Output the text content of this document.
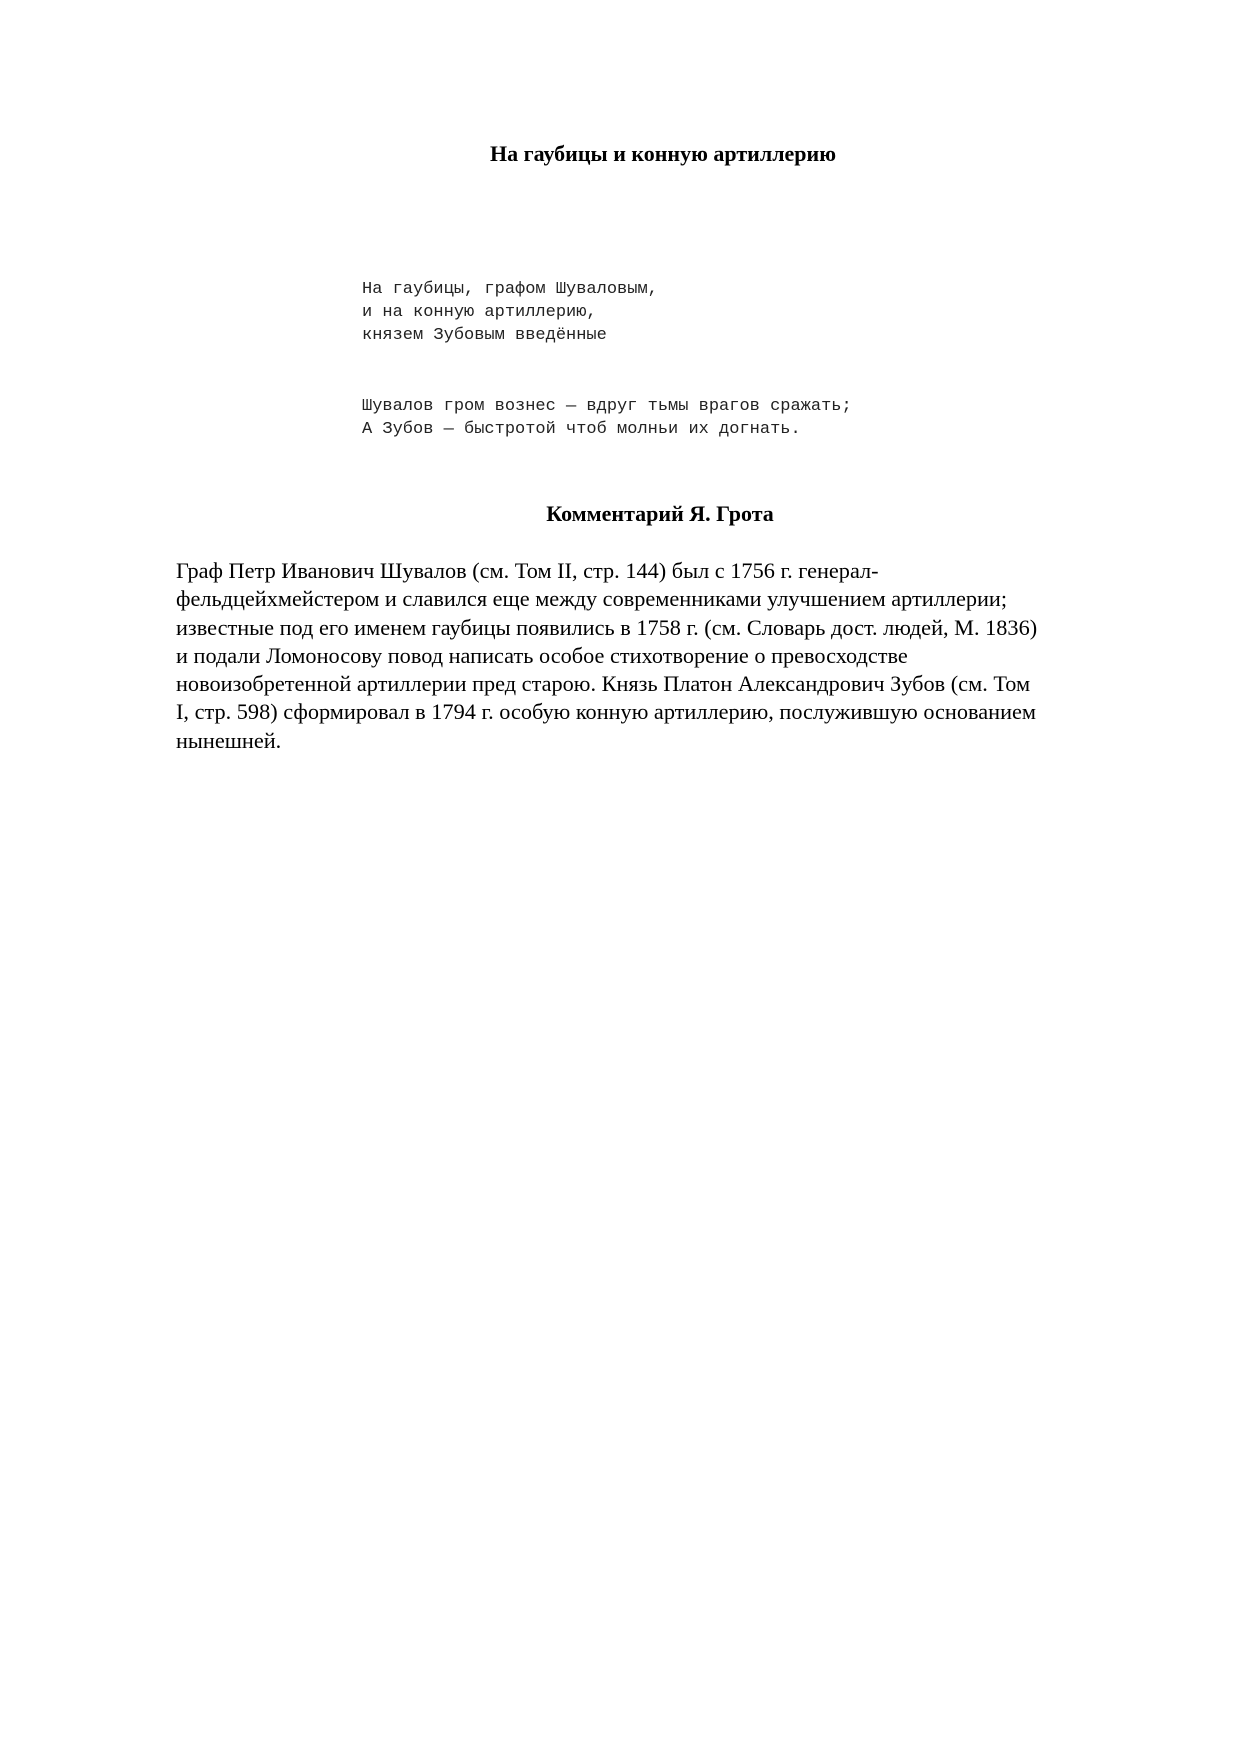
На гаубицы и конную артиллерию
На гаубицы, графом Шуваловым,
и на конную артиллерию,
князем Зубовым введённые
Шувалов гром вознес — вдруг тьмы врагов сражать;
А Зубов — быстротой чтоб молньи их догнать.
Комментарий Я. Грота
Граф Петр Иванович Шувалов (см. Том II, стр. 144) был с 1756 г. генерал-
фельдцейхмейстером и славился еще между современниками улучшением артиллерии;
известные под его именем гаубицы появились в 1758 г. (см. Словарь дост. людей, М. 1836)
и подали Ломоносову повод написать особое стихотворение о превосходстве
новоизобретенной артиллерии пред старою. Князь Платон Александрович Зубов (см. Том
I, стр. 598) сформировал в 1794 г. особую конную артиллерию, послужившую основанием
нынешней.
